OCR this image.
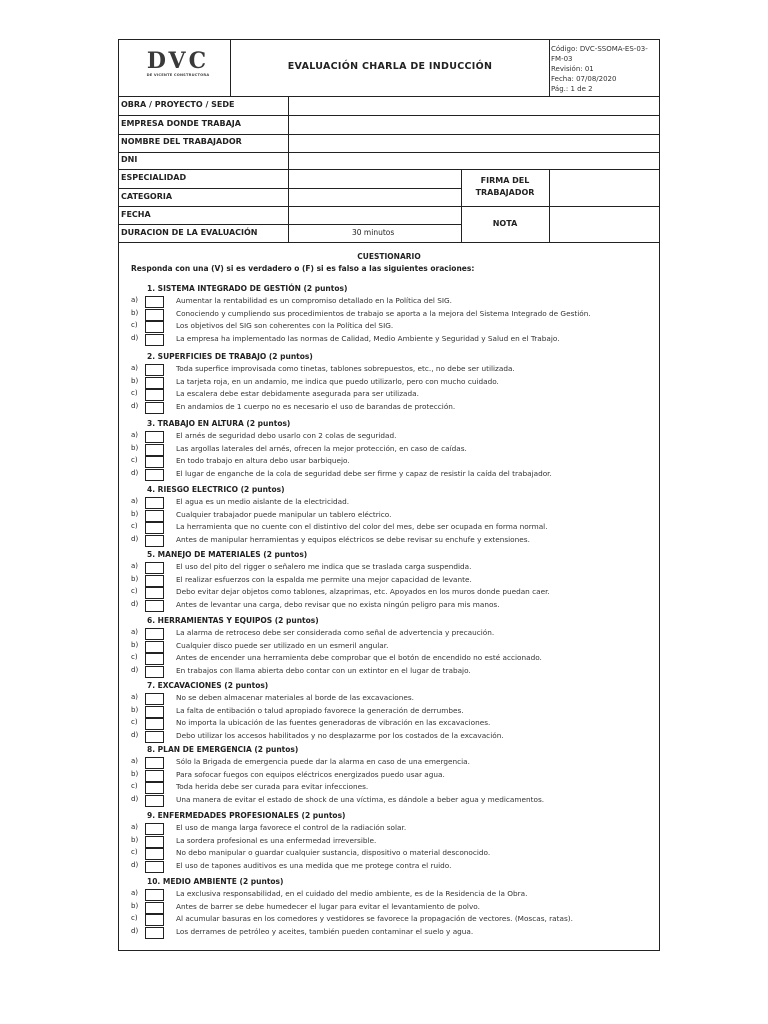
DVC
DE VICENTE CONSTRUCTORA
EVALUACIÓN CHARLA DE INDUCCIÓN
Código: DVC-SSOMA-ES-03-FM-03
Revisión: 01
Fecha: 07/08/2020
Pág.: 1 de 2
OBRA / PROYECTO / SEDE
EMPRESA DONDE TRABAJA
NOMBRE DEL TRABAJADOR
DNI
ESPECIALIDAD
CATEGORIA
FECHA
DURACION DE LA EVALUACIÓN	30 minutos
FIRMA DEL
TRABAJADOR
NOTA
CUESTIONARIO
Responda con una (V) si es verdadero o (F) si es falso a las siguientes oraciones:
1. SISTEMA INTEGRADO DE GESTIÓN (2 puntos)
a)	Aumentar la rentabilidad es un compromiso detallado en la Política del SIG.
b)	Conociendo y cumpliendo sus procedimientos de trabajo se aporta a la mejora del Sistema Integrado de Gestión.
c)	Los objetivos del SIG son coherentes con la Política del SIG.
d)	La empresa ha implementado las normas de Calidad, Medio Ambiente y Seguridad y Salud en el Trabajo.
2. SUPERFICIES DE TRABAJO (2 puntos)
a)	Toda superfice improvisada como tinetas, tablones sobrepuestos, etc., no debe ser utilizada.
b)	La tarjeta roja, en un andamio, me indica que puedo utilizarlo, pero con mucho cuidado.
c)	La escalera debe estar debidamente asegurada para ser utilizada.
d)	En andamios de 1 cuerpo no es necesario el uso de barandas de protección.
3. TRABAJO EN ALTURA (2 puntos)
a)	El arnés de seguridad debo usarlo con 2 colas de seguridad.
b)	Las argollas laterales del arnés, ofrecen la mejor protección, en caso de caídas.
c)	En todo trabajo en altura debo usar barbiquejo.
d)	El lugar de enganche de la cola de seguridad debe ser firme y capaz de resistir la caída del trabajador.
4. RIESGO ELECTRICO (2 puntos)
a)	El agua es un medio aislante de la electricidad.
b)	Cualquier trabajador puede manipular un tablero eléctrico.
c)	La herramienta que no cuente con el distintivo del color del mes, debe ser ocupada en forma normal.
d)	Antes de manipular herramientas y equipos eléctricos se debe revisar su enchufe y extensiones.
5. MANEJO DE MATERIALES (2 puntos)
a)	El uso del pito del rigger o señalero me indica que se traslada carga suspendida.
b)	El realizar esfuerzos con la espalda me permite una mejor capacidad de levante.
c)	Debo evitar dejar objetos como tablones, alzaprimas, etc. Apoyados en los muros donde puedan caer.
d)	Antes de levantar una carga, debo revisar que no exista ningún peligro para mis manos.
6. HERRAMIENTAS Y EQUIPOS (2 puntos)
a)	La alarma de retroceso debe ser considerada como señal de advertencia y precaución.
b)	Cualquier disco puede ser utilizado en un esmeril angular.
c)	Antes de encender una herramienta debe comprobar que el botón de encendido no esté accionado.
d)	En trabajos con llama abierta debo contar con un extintor en el lugar de trabajo.
7. EXCAVACIONES (2 puntos)
a)	No se deben almacenar materiales al borde de las excavaciones.
b)	La falta de entibación o talud apropiado favorece la generación de derrumbes.
c)	No importa la ubicación de las fuentes generadoras de vibración en las excavaciones.
d)	Debo utilizar los accesos habilitados y no desplazarme por los costados de la excavación.
8. PLAN DE EMERGENCIA (2 puntos)
a)	Sólo la Brigada de emergencia puede dar la alarma en caso de una emergencia.
b)	Para sofocar fuegos con equipos eléctricos energizados puedo usar agua.
c)	Toda herida debe ser curada para evitar infecciones.
d)	Una manera de evitar el estado de shock de una víctima, es dándole a beber agua y medicamentos.
9. ENFERMEDADES PROFESIONALES (2 puntos)
a)	El uso de manga larga favorece el control de la radiación solar.
b)	La sordera profesional es una enfermedad irreversible.
c)	No debo manipular o guardar cualquier sustancia, dispositivo o material desconocido.
d)	El uso de tapones auditivos es una medida que me protege contra el ruido.
10. MEDIO AMBIENTE (2 puntos)
a)	La exclusiva responsabilidad, en el cuidado del medio ambiente, es de la Residencia de la Obra.
b)	Antes de barrer se debe humedecer el lugar para evitar el levantamiento de polvo.
c)	Al acumular basuras en los comedores y vestidores se favorece la propagación de vectores. (Moscas, ratas).
d)	Los derrames de petróleo y aceites, también pueden contaminar el suelo y agua.
